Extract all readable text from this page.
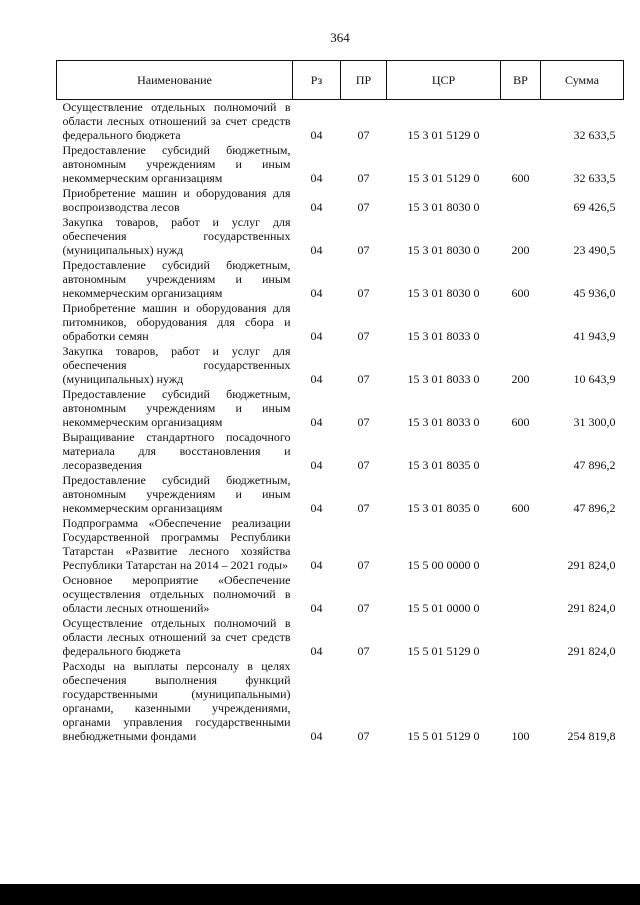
364
Наименование	Рз	ПР	ЦСР	ВР	Сумма
Осуществление отдельных полномочий в области лесных отношений за счет средств федерального бюджета	04	07	15 3 01 5129 0		32 633,5
Предоставление субсидий бюджетным, автономным учреждениям и иным некоммерческим организациям	04	07	15 3 01 5129 0	600	32 633,5
Приобретение машин и оборудования для воспроизводства лесов	04	07	15 3 01 8030 0		69 426,5
Закупка товаров, работ и услуг для обеспечения государственных (муниципальных) нужд	04	07	15 3 01 8030 0	200	23 490,5
Предоставление субсидий бюджетным, автономным учреждениям и иным некоммерческим организациям	04	07	15 3 01 8030 0	600	45 936,0
Приобретение машин и оборудования для питомников, оборудования для сбора и обработки семян	04	07	15 3 01 8033 0		41 943,9
Закупка товаров, работ и услуг для обеспечения государственных (муниципальных) нужд	04	07	15 3 01 8033 0	200	10 643,9
Предоставление субсидий бюджетным, автономным учреждениям и иным некоммерческим организациям	04	07	15 3 01 8033 0	600	31 300,0
Выращивание стандартного посадочного материала для восстановления и лесоразведения	04	07	15 3 01 8035 0		47 896,2
Предоставление субсидий бюджетным, автономным учреждениям и иным некоммерческим организациям	04	07	15 3 01 8035 0	600	47 896,2
Подпрограмма «Обеспечение реализации Государственной программы Республики Татарстан «Развитие лесного хозяйства Республики Татарстан на 2014 – 2021 годы»	04	07	15 5 00 0000 0		291 824,0
Основное мероприятие «Обеспечение осуществления отдельных полномочий в области лесных отношений»	04	07	15 5 01 0000 0		291 824,0
Осуществление отдельных полномочий в области лесных отношений за счет средств федерального бюджета	04	07	15 5 01 5129 0		291 824,0
Расходы на выплаты персоналу в целях обеспечения выполнения функций государственными (муниципальными) органами, казенными учреждениями, органами управления государственными внебюджетными фондами	04	07	15 5 01 5129 0	100	254 819,8
